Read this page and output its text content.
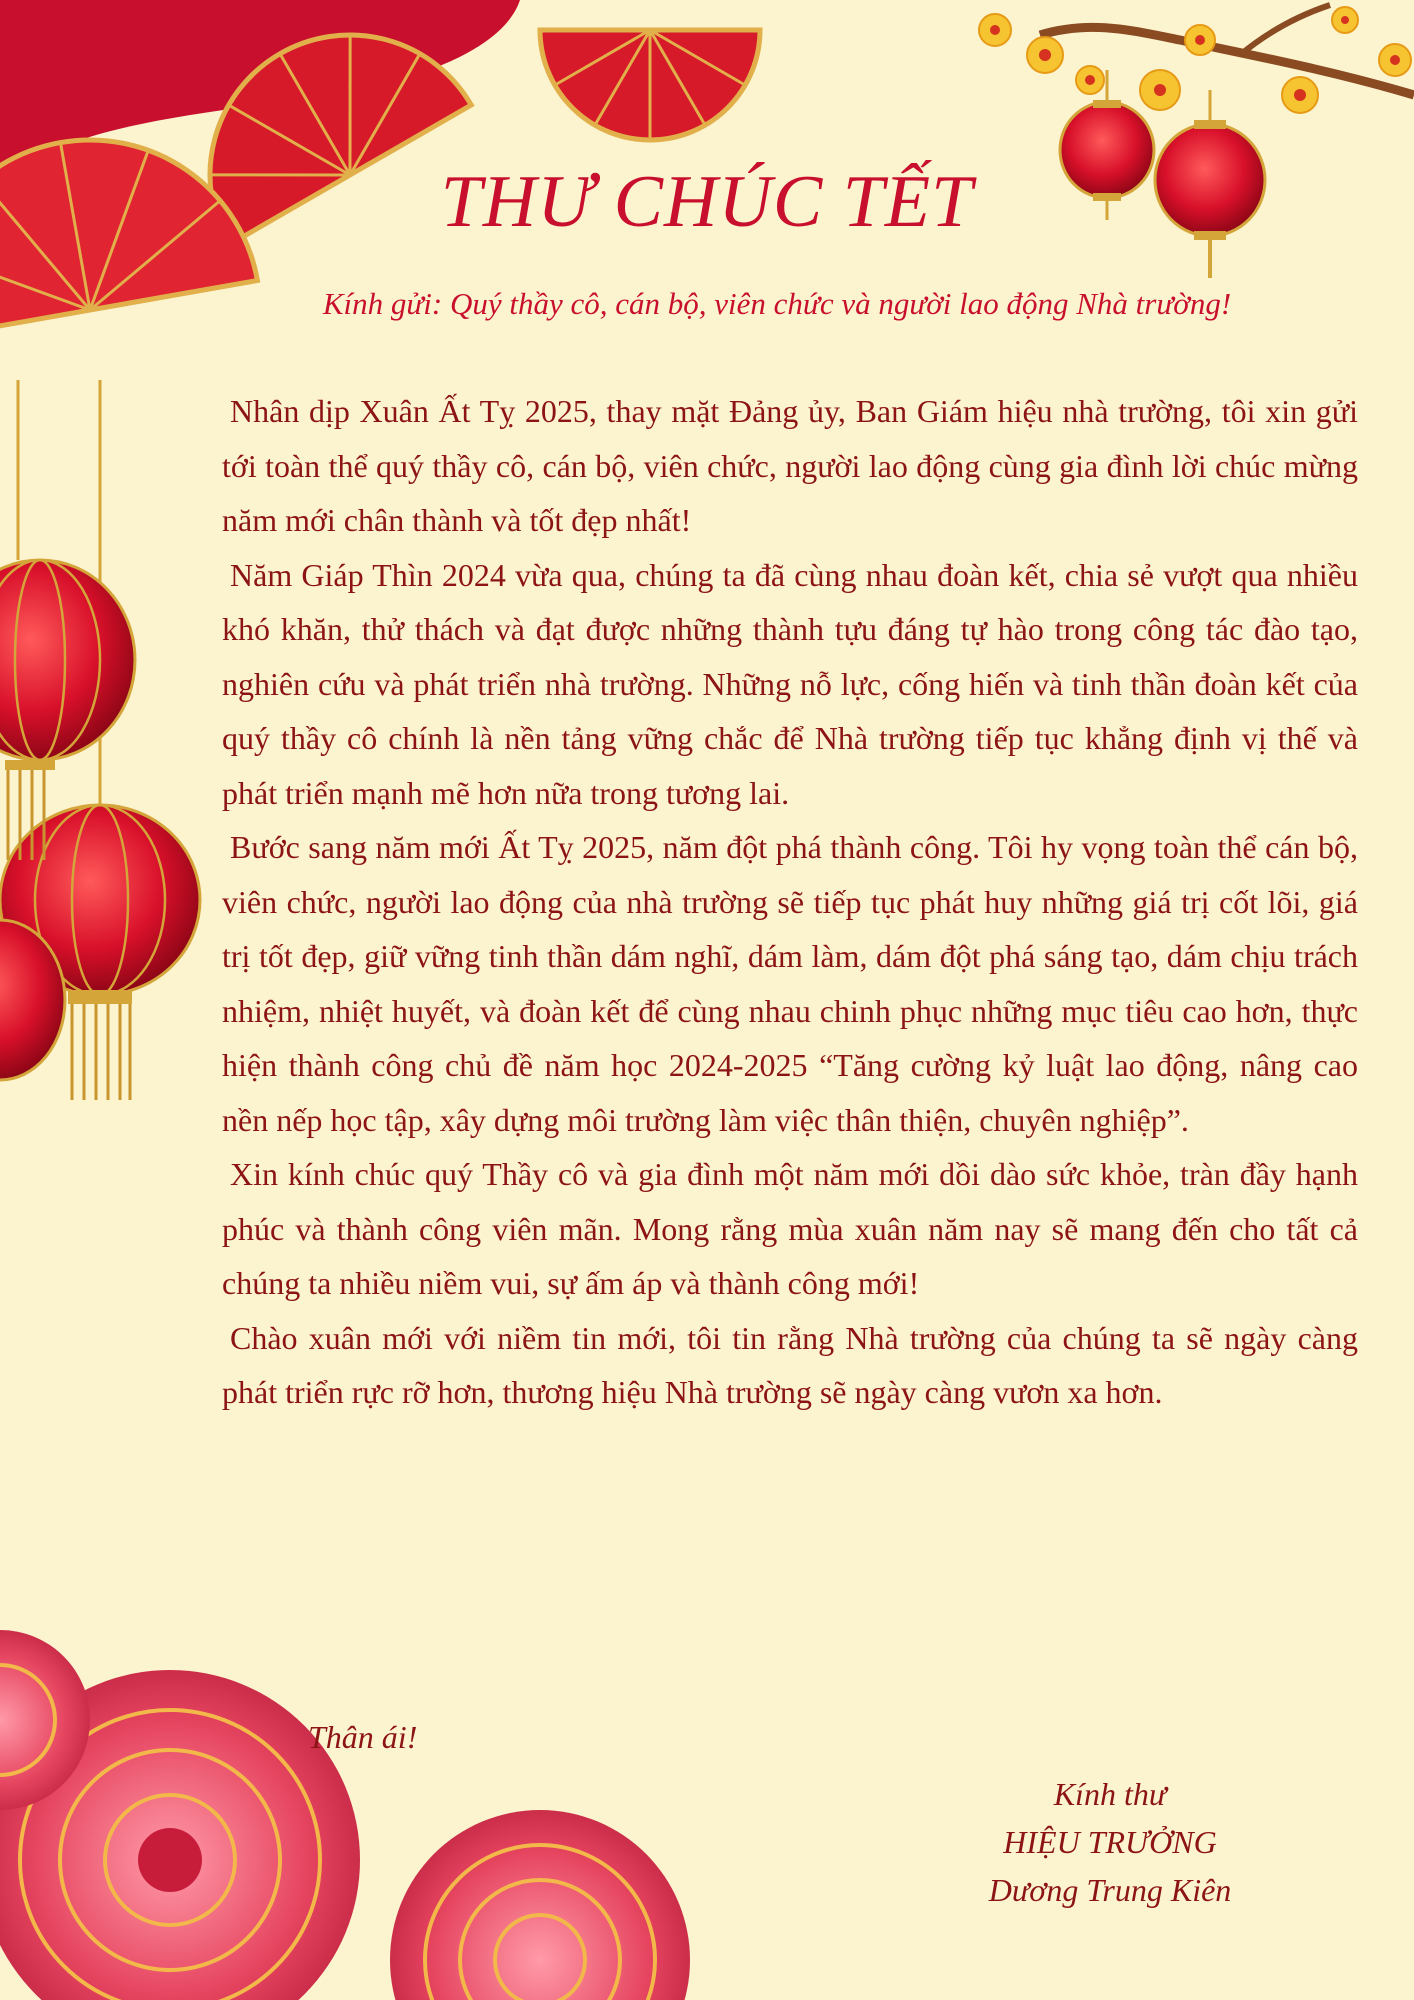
THƯ CHÚC TẾT

Kính gửi: Quý thầy cô, cán bộ, viên chức và người lao động Nhà trường!

Nhân dịp Xuân Ất Tỵ 2025, thay mặt Đảng ủy, Ban Giám hiệu nhà trường, tôi xin gửi tới toàn thể quý thầy cô, cán bộ, viên chức, người lao động cùng gia đình lời chúc mừng năm mới chân thành và tốt đẹp nhất!

Năm Giáp Thìn 2024 vừa qua, chúng ta đã cùng nhau đoàn kết, chia sẻ vượt qua nhiều khó khăn, thử thách và đạt được những thành tựu đáng tự hào trong công tác đào tạo, nghiên cứu và phát triển nhà trường. Những nỗ lực, cống hiến và tinh thần đoàn kết của quý thầy cô chính là nền tảng vững chắc để Nhà trường tiếp tục khẳng định vị thế và phát triển mạnh mẽ hơn nữa trong tương lai.

Bước sang năm mới Ất Tỵ 2025, năm đột phá thành công. Tôi hy vọng toàn thể cán bộ, viên chức, người lao động của nhà trường sẽ tiếp tục phát huy những giá trị cốt lõi, giá trị tốt đẹp, giữ vững tinh thần dám nghĩ, dám làm, dám đột phá sáng tạo, dám chịu trách nhiệm, nhiệt huyết, và đoàn kết để cùng nhau chinh phục những mục tiêu cao hơn, thực hiện thành công chủ đề năm học 2024-2025 “Tăng cường kỷ luật lao động, nâng cao nền nếp học tập, xây dựng môi trường làm việc thân thiện, chuyên nghiệp”.

Xin kính chúc quý Thầy cô và gia đình một năm mới dồi dào sức khỏe, tràn đầy hạnh phúc và thành công viên mãn. Mong rằng mùa xuân năm nay sẽ mang đến cho tất cả chúng ta nhiều niềm vui, sự ấm áp và thành công mới!

Chào xuân mới với niềm tin mới, tôi tin rằng Nhà trường của chúng ta sẽ ngày càng phát triển rực rỡ hơn, thương hiệu Nhà trường sẽ ngày càng vươn xa hơn.

Thân ái!

Kính thư
HIỆU TRƯỞNG
Dương Trung Kiên
